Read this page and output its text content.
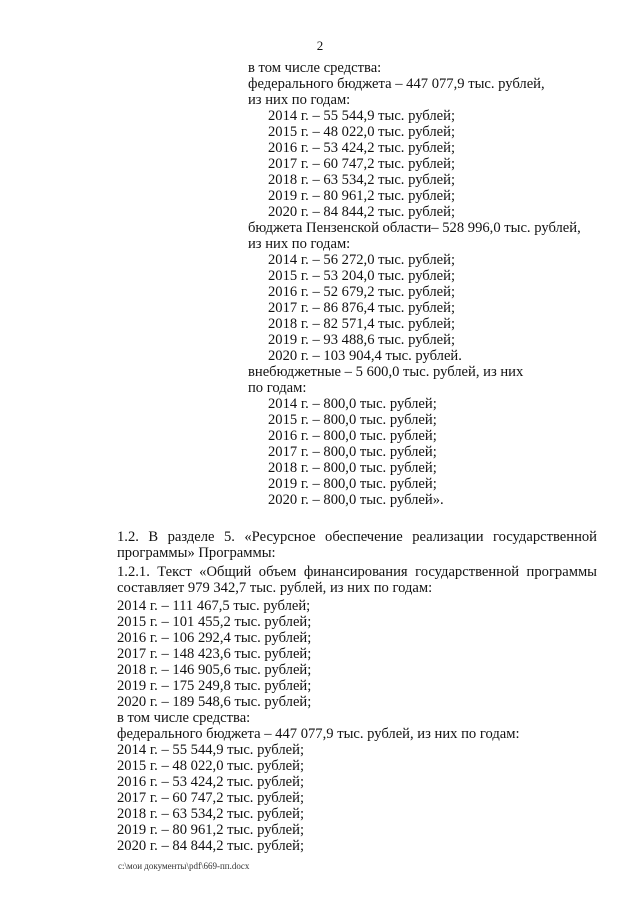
2
в том числе средства:
федерального бюджета – 447 077,9 тыс. рублей,
из них по годам:
2014 г. – 55 544,9 тыс. рублей;
2015 г. – 48 022,0 тыс. рублей;
2016 г. – 53 424,2 тыс. рублей;
2017 г. – 60 747,2 тыс. рублей;
2018 г. – 63 534,2 тыс. рублей;
2019 г. – 80 961,2 тыс. рублей;
2020 г. – 84 844,2 тыс. рублей;
бюджета Пензенской области– 528 996,0 тыс. рублей,
из них по годам:
2014 г. – 56 272,0 тыс. рублей;
2015 г. – 53 204,0 тыс. рублей;
2016 г. – 52 679,2 тыс. рублей;
2017 г. – 86 876,4 тыс. рублей;
2018 г. – 82 571,4 тыс. рублей;
2019 г. – 93 488,6 тыс. рублей;
2020 г. – 103 904,4 тыс. рублей.
внебюджетные – 5 600,0 тыс. рублей, из них
по годам:
2014 г. – 800,0 тыс. рублей;
2015 г. – 800,0 тыс. рублей;
2016 г. – 800,0 тыс. рублей;
2017 г. – 800,0 тыс. рублей;
2018 г. – 800,0 тыс. рублей;
2019 г. – 800,0 тыс. рублей;
2020 г. – 800,0 тыс. рублей».
1.2. В разделе 5. «Ресурсное обеспечение реализации государственной программы» Программы:
1.2.1. Текст «Общий объем финансирования государственной программы составляет 979 342,7 тыс. рублей, из них по годам:
2014 г. – 111 467,5 тыс. рублей;
2015 г. – 101 455,2 тыс. рублей;
2016 г. – 106 292,4 тыс. рублей;
2017 г. – 148 423,6 тыс. рублей;
2018 г. – 146 905,6 тыс. рублей;
2019 г. – 175 249,8 тыс. рублей;
2020 г. – 189 548,6 тыс. рублей;
в том числе средства:
федерального бюджета – 447 077,9 тыс. рублей, из них по годам:
2014 г. – 55 544,9 тыс. рублей;
2015 г. – 48 022,0 тыс. рублей;
2016 г. – 53 424,2 тыс. рублей;
2017 г. – 60 747,2 тыс. рублей;
2018 г. – 63 534,2 тыс. рублей;
2019 г. – 80 961,2 тыс. рублей;
2020 г. – 84 844,2 тыс. рублей;
c:\мои документы\pdf\669-пп.docx
